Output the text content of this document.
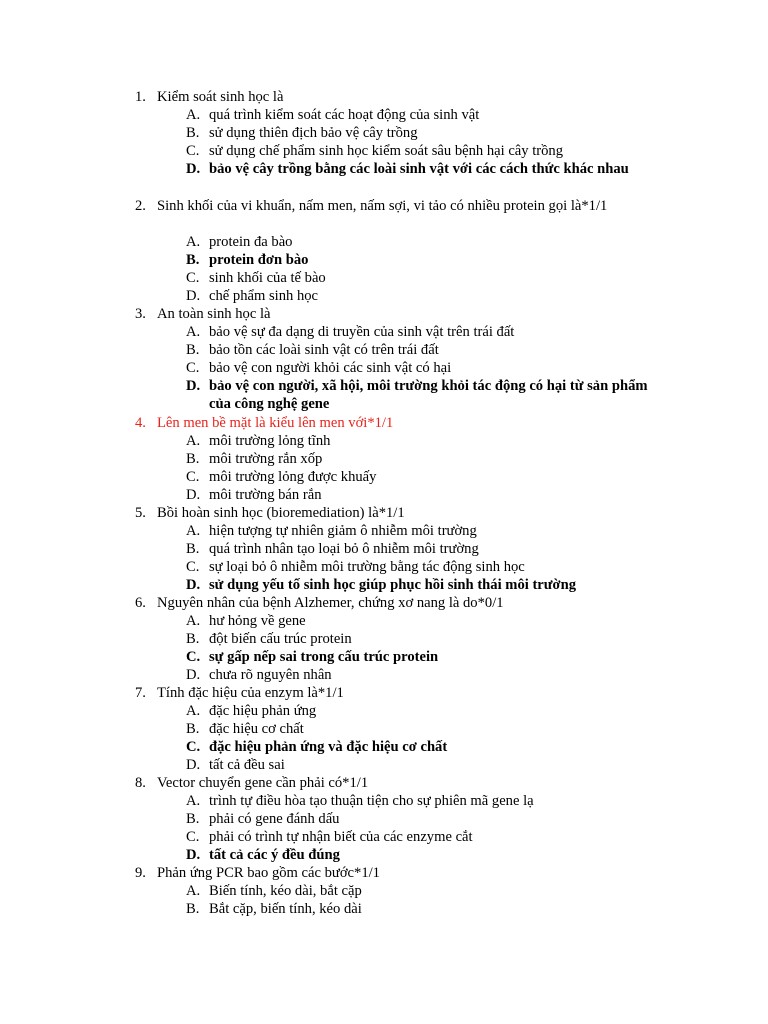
1. Kiểm soát sinh học là
A. quá trình kiểm soát các hoạt động của sinh vật
B. sử dụng thiên địch bảo vệ cây trồng
C. sử dụng chế phẩm sinh học kiểm soát sâu bệnh hại cây trồng
D. bảo vệ cây trồng bằng các loài sinh vật với các cách thức khác nhau
2. Sinh khối của vi khuẩn, nấm men, nấm sợi, vi tảo có nhiều protein gọi là*1/1
A. protein đa bào
B. protein đơn bào
C. sinh khối của tế bào
D. chế phẩm sinh học
3. An toàn sinh học là
A. bảo vệ sự đa dạng di truyền của sinh vật trên trái đất
B. bảo tồn các loài sinh vật có trên trái đất
C. bảo vệ con người khỏi các sinh vật có hại
D. bảo vệ con người, xã hội, môi trường khỏi tác động có hại từ sản phẩm của công nghệ gene
4. Lên men bề mặt là kiểu lên men với*1/1
A. môi trường lỏng tĩnh
B. môi trường rắn xốp
C. môi trường lỏng được khuấy
D. môi trường bán rắn
5. Bồi hoàn sinh học (bioremediation) là*1/1
A. hiện tượng tự nhiên giảm ô nhiễm môi trường
B. quá trình nhân tạo loại bỏ ô nhiễm môi trường
C. sự loại bỏ ô nhiễm môi trường bằng tác động sinh học
D. sử dụng yếu tố sinh học giúp phục hồi sinh thái môi trường
6. Nguyên nhân của bệnh Alzhemer, chứng xơ nang là do*0/1
A. hư hỏng về gene
B. đột biến cấu trúc protein
C. sự gấp nếp sai trong cấu trúc protein
D. chưa rõ nguyên nhân
7. Tính đặc hiệu của enzym là*1/1
A. đặc hiệu phản ứng
B. đặc hiệu cơ chất
C. đặc hiệu phản ứng và đặc hiệu cơ chất
D. tất cả đều sai
8. Vector chuyển gene cần phải có*1/1
A. trình tự điều hòa tạo thuận tiện cho sự phiên mã gene lạ
B. phải có gene đánh dấu
C. phải có trình tự nhận biết của các enzyme cắt
D. tất cả các ý đều đúng
9. Phản ứng PCR bao gồm các bước*1/1
A. Biến tính, kéo dài, bắt cặp
B. Bắt cặp, biến tính, kéo dài
